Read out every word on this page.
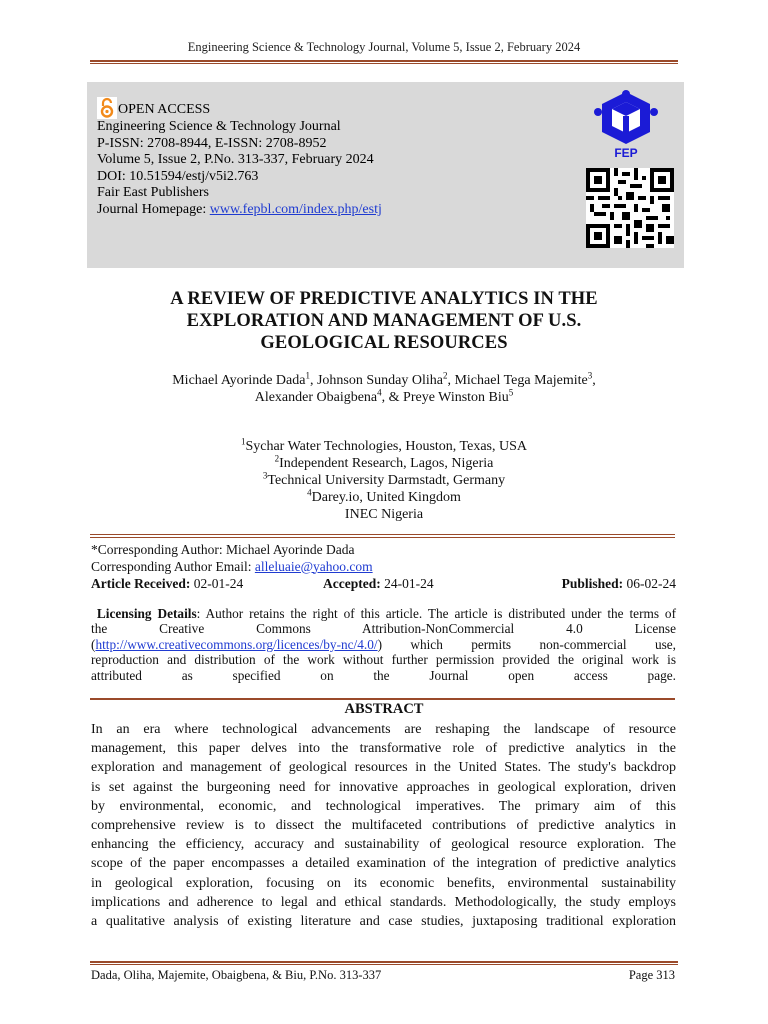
Engineering Science & Technology Journal, Volume 5, Issue 2, February 2024
OPEN ACCESS
Engineering Science & Technology Journal
P-ISSN: 2708-8944, E-ISSN: 2708-8952
Volume 5, Issue 2, P.No. 313-337, February 2024
DOI: 10.51594/estj/v5i2.763
Fair East Publishers
Journal Homepage: www.fepbl.com/index.php/estj
FEP
A REVIEW OF PREDICTIVE ANALYTICS IN THE
EXPLORATION AND MANAGEMENT OF U.S.
GEOLOGICAL RESOURCES
Michael Ayorinde Dada$^1$, Johnson Sunday Oliha$^2$, Michael Tega Majemite$^3$,
Alexander Obaigbena$^4$, & Preye Winston Biu$^5$
$^1$Sychar Water Technologies, Houston, Texas, USA
$^2$Independent Research, Lagos, Nigeria
$^3$Technical University Darmstadt, Germany
$^4$Darey.io, United Kingdom
INEC Nigeria
*Corresponding Author: Michael Ayorinde Dada
Corresponding Author Email: alleluaie@yahoo.com
Article Received: 02-01-24	Accepted: 24-01-24	Published: 06-02-24
Licensing Details: Author retains the right of this article. The article is distributed under the terms of
the Creative Commons Attribution-NonCommercial 4.0 License
(http://www.creativecommons.org/licences/by-nc/4.0/) which permits non-commercial use,
reproduction and distribution of the work without further permission provided the original work is
attributed as specified on the Journal open access page.
ABSTRACT
In an era where technological advancements are reshaping the landscape of resource
management, this paper delves into the transformative role of predictive analytics in the
exploration and management of geological resources in the United States. The study's backdrop
is set against the burgeoning need for innovative approaches in geological exploration, driven
by environmental, economic, and technological imperatives. The primary aim of this
comprehensive review is to dissect the multifaceted contributions of predictive analytics in
enhancing the efficiency, accuracy and sustainability of geological resource exploration. The
scope of the paper encompasses a detailed examination of the integration of predictive analytics
in geological exploration, focusing on its economic benefits, environmental sustainability
implications and adherence to legal and ethical standards. Methodologically, the study employs
a qualitative analysis of existing literature and case studies, juxtaposing traditional exploration
Dada, Oliha, Majemite, Obaigbena, & Biu, P.No. 313-337	Page 313
